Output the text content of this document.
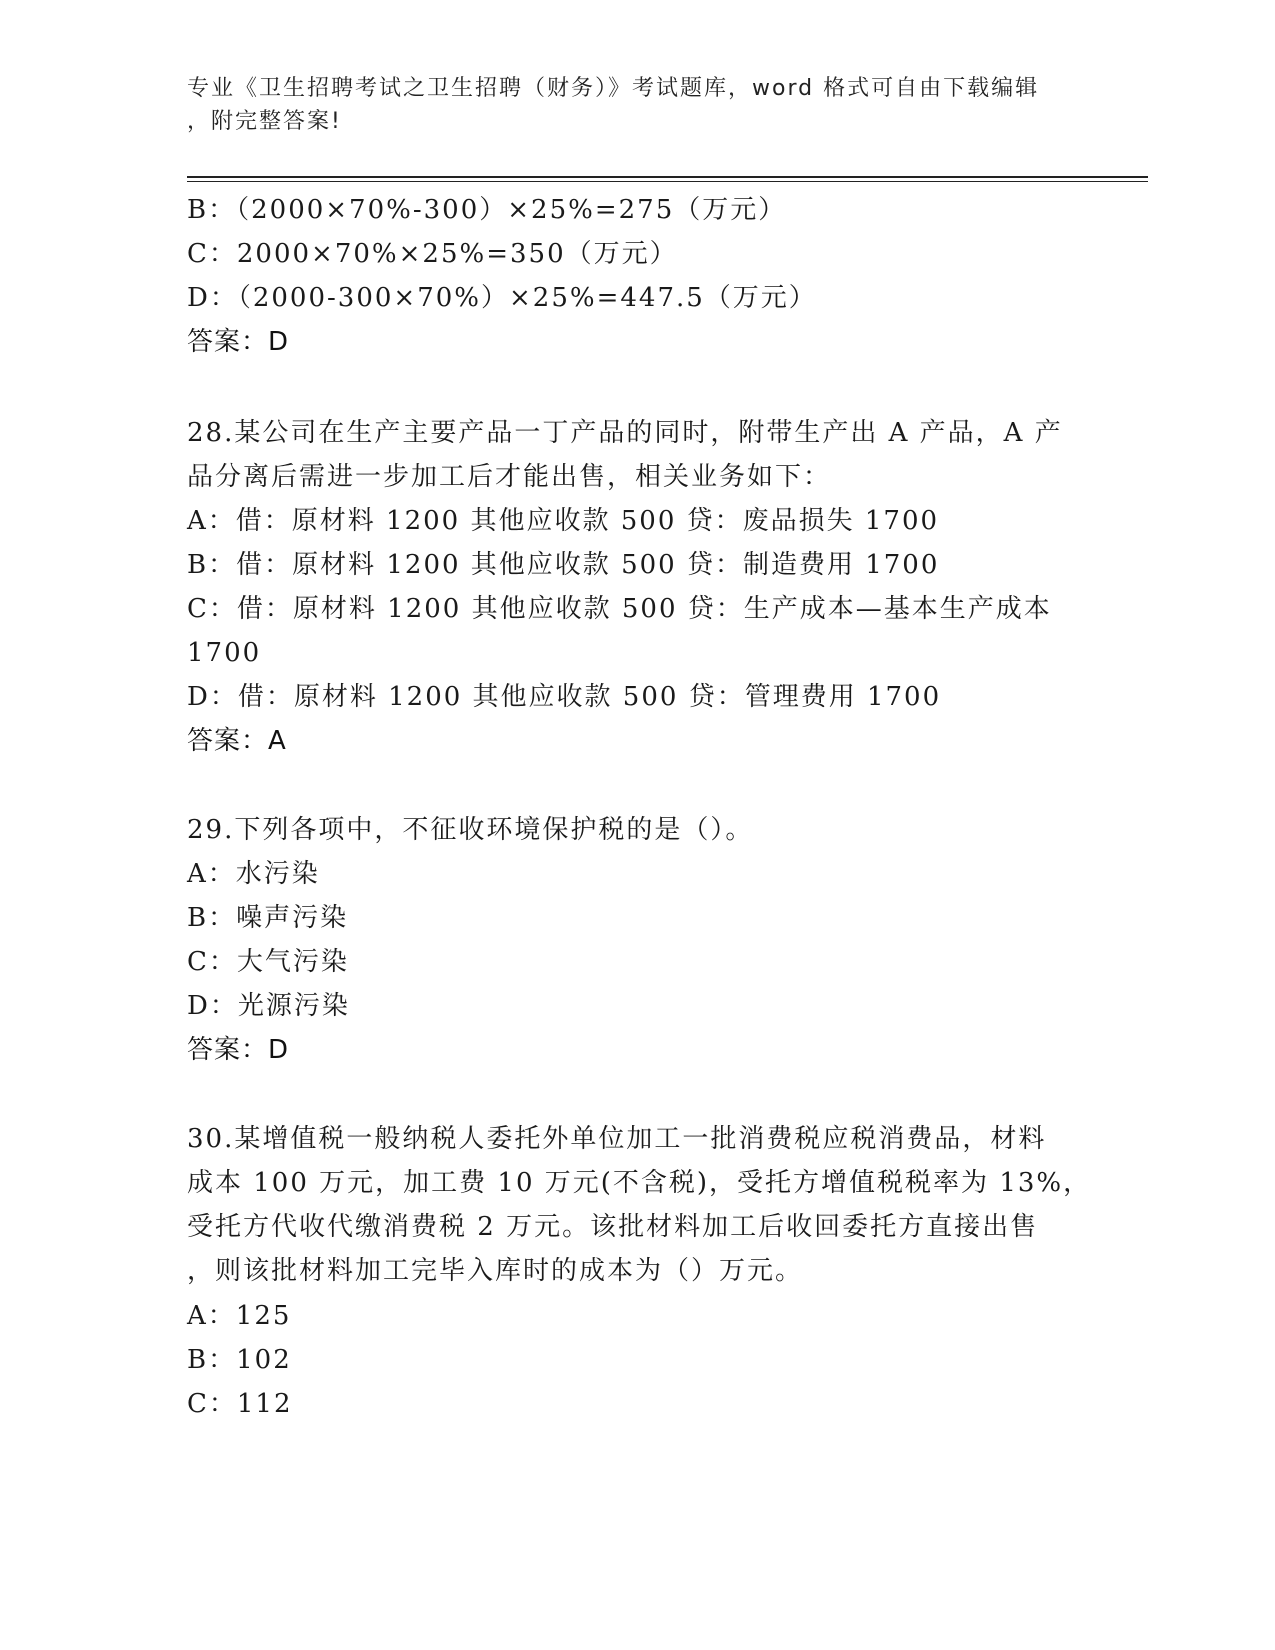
专业《卫生招聘考试之卫生招聘（财务）》考试题库，word 格式可自由下载编辑
，附完整答案!
B：（2000×70%-300）×25%=275（万元）
C：2000×70%×25%=350（万元）
D：（2000-300×70%）×25%=447.5（万元）
答案：D
28.某公司在生产主要产品一丁产品的同时，附带生产出 A 产品，A 产
品分离后需进一步加工后才能出售，相关业务如下：
A：借：原材料 1200 其他应收款 500 贷：废品损失 1700
B：借：原材料 1200 其他应收款 500 贷：制造费用 1700
C：借：原材料 1200 其他应收款 500 贷：生产成本—基本生产成本
1700
D：借：原材料 1200 其他应收款 500 贷：管理费用 1700
答案：A
29.下列各项中，不征收环境保护税的是（）。
A：水污染
B：噪声污染
C：大气污染
D：光源污染
答案：D
30.某增值税一般纳税人委托外单位加工一批消费税应税消费品，材料
成本 100 万元，加工费 10 万元(不含税)，受托方增值税税率为 13%，
受托方代收代缴消费税 2 万元。该批材料加工后收回委托方直接出售
，则该批材料加工完毕入库时的成本为（）万元。
A：125
B：102
C：112
